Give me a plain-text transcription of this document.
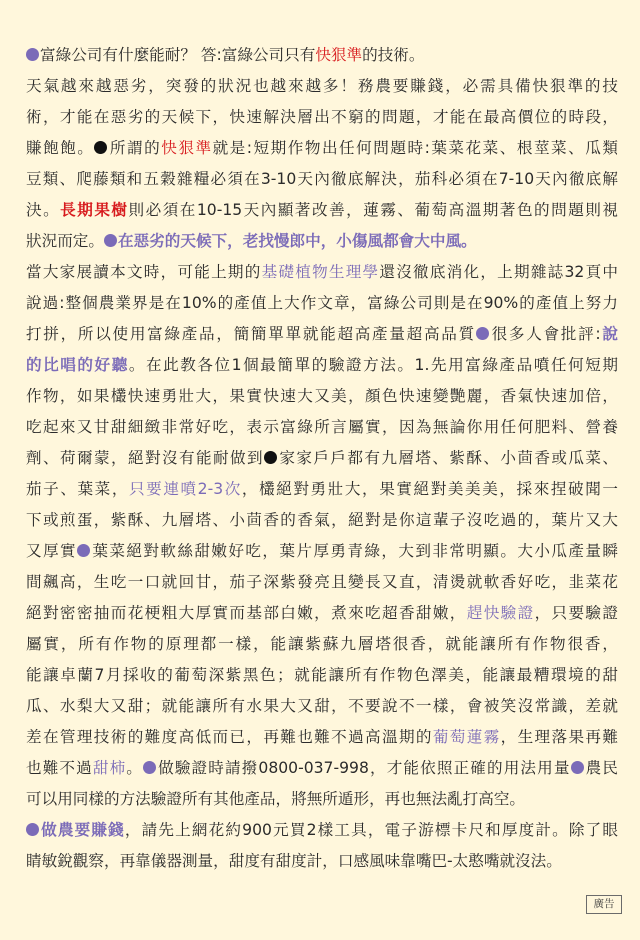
富綠公司有什麼能耐？ 答:富綠公司只有快狠準的技術。
天氣越來越惡劣，突發的狀況也越來越多！務農要賺錢，必需具備快狠準的技
術，才能在惡劣的天候下，快速解決層出不窮的問題，才能在最高價位的時段，
賺飽飽。 所謂的快狠準就是:短期作物出任何問題時:葉菜花菜、根莖菜、瓜類
豆類、爬藤類和五穀雜糧必須在3-10天內徹底解決，茄科必須在7-10天內徹底解
決。長期果樹則必須在10-15天內顯著改善，蓮霧、葡萄高溫期著色的問題則視
狀況而定。 在惡劣的天候下，老找慢郎中，小傷風都會大中風。
當大家展讀本文時，可能上期的基礎植物生理學還沒徹底消化，上期雜誌32頁中
說過:整個農業界是在10%的產值上大作文章，富綠公司則是在90%的產值上努力
打拼，所以使用富綠產品，簡簡單單就能超高產量超高品質 很多人會批評:說
的比唱的好聽。在此教各位1個最簡單的驗證方法。1.先用富綠產品噴任何短期
作物，如果欉快速勇壯大，果實快速大又美，顏色快速變艷麗，香氣快速加倍，
吃起來又甘甜細緻非常好吃，表示富綠所言屬實，因為無論你用任何肥料、營養
劑、荷爾蒙，絕對沒有能耐做到 家家戶戶都有九層塔、紫酥、小茴香或瓜菜、
茄子、葉菜，只要連噴2-3次，欉絕對勇壯大，果實絕對美美美，採來捏破聞一
下或煎蛋，紫酥、九層塔、小茴香的香氣，絕對是你這輩子沒吃過的，葉片又大
又厚實 葉菜絕對軟絲甜嫩好吃，葉片厚勇青綠，大到非常明顯。大小瓜產量瞬
間飆高，生吃一口就回甘，茄子深紫發亮且變長又直，清燙就軟香好吃，韭菜花
絕對密密抽而花梗粗大厚實而基部白嫩，煮來吃超香甜嫩，趕快驗證，只要驗證
屬實，所有作物的原理都一樣，能讓紫蘇九層塔很香，就能讓所有作物很香，
能讓卓蘭7月採收的葡萄深紫黑色；就能讓所有作物色澤美，能讓最糟環境的甜
瓜、水梨大又甜；就能讓所有水果大又甜，不要說不一樣，會被笑沒常識，差就
差在管理技術的難度高低而已，再難也難不過高溫期的葡萄蓮霧，生理落果再難
也難不過甜柿。 做驗證時請撥0800-037-998，才能依照正確的用法用量 農民
可以用同樣的方法驗證所有其他產品，將無所遁形，再也無法亂打高空。
做農要賺錢，請先上網花約900元買2樣工具，電子游標卡尺和厚度計。除了眼
睛敏銳觀察，再靠儀器測量，甜度有甜度計，口感風味靠嘴巴-太憨嘴就沒法。
廣告
